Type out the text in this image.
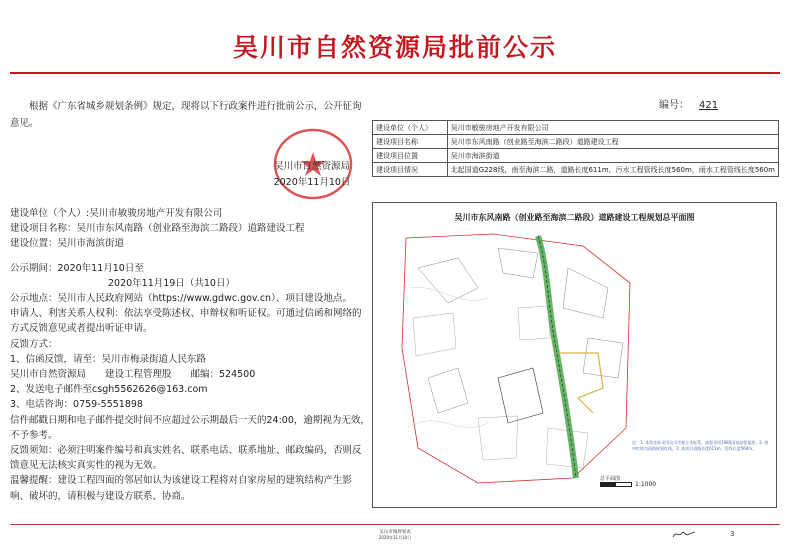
吴川市自然资源局批前公示
编号： 421
根据《广东省城乡规划条例》规定，现将以下行政案件进行批前公示，公开征询意见。
吴川市自然资源局
2020年11月10日

建设单位（个人）:吴川市敏骏房地产开发有限公司

建设项目名称：吴川市东风南路（创业路至海滨二路段）道路建设工程

建设位置：吴川市海滨街道

公示期间：2020年11月10日至

2020年11月19日（共10日）

公示地点：吴川市人民政府网站（https://www.gdwc.gov.cn）、项目建设地点。

申请人、利害关系人权利：依法享受陈述权、申辩权和听证权。可通过信函和网络的方式反馈意见或者提出听证申请。

反馈方式：

1、信函反馈，请至：吴川市梅录街道人民东路

吴川市自然资源局　　建设工程管理股　　邮编：524500

2、发送电子邮件至csgh5562626@163.com

3、电话咨询：0759-5551898

信件邮戳日期和电子邮件提交时间不应超过公示期最后一天的24:00，逾期视为无效，不予参考。

反馈须知：必须注明案件编号和真实姓名、联系电话、联系地址、邮政编码，否则反馈意见无法核实真实性的视为无效。

温馨提醒：建设工程四面的邻居如认为该建设工程将对自家房屋的建筑结构产生影响、破坏的，请积极与建设方联系、协商。

建设单位（个人）	吴川市敏骏房地产开发有限公司
建设项目名称	吴川市东风南路（创业路至海滨二路段）道路建设工程
建设项目位置	吴川市海滨街道
建设项目情况	北起国道G228线，南至海滨二路，道路长度611m，污水工程管线长度560m，雨水工程管线长度560m
吴川市东风南路（创业路至海滨二路段）道路建设工程规划总平面图
注：1. 本图坐标采用吴川市独立坐标系，高程采用1985国家高程基准。2. 图中红线为道路规划红线。3. 本项目道路长度611m，管线长度560m。
总平面图
1:1000
吴川市城规划查
2020年11月10日	3
